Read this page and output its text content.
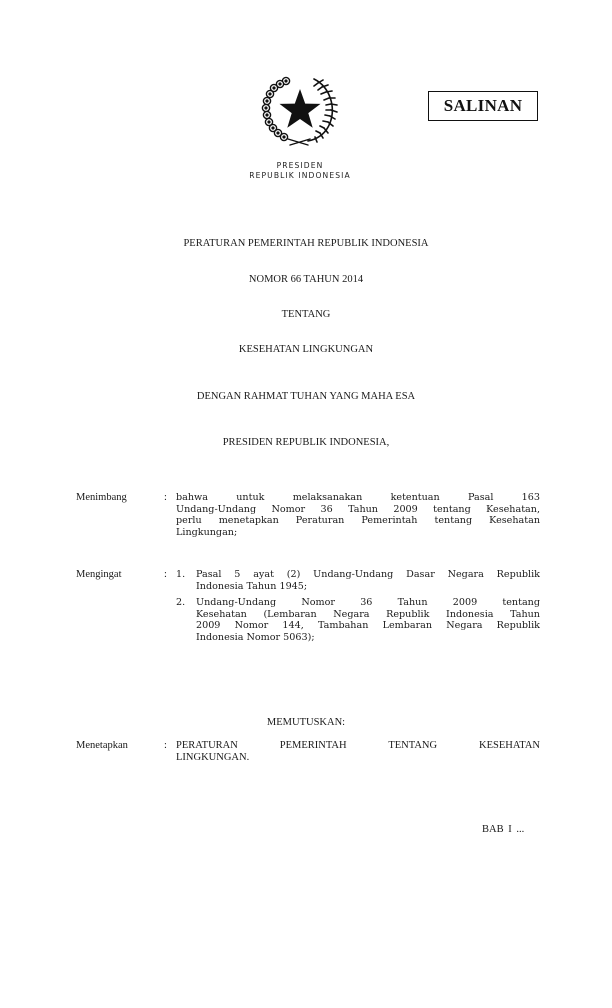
SALINAN
PRESIDEN
REPUBLIK INDONESIA
PERATURAN PEMERINTAH REPUBLIK INDONESIA
NOMOR 66 TAHUN 2014
TENTANG
KESEHATAN LINGKUNGAN
DENGAN RAHMAT TUHAN YANG MAHA ESA
PRESIDEN REPUBLIK INDONESIA,
Menimbang	: bahwa untuk melaksanakan ketentuan Pasal 163
Undang-Undang Nomor 36 Tahun 2009 tentang Kesehatan,
perlu menetapkan Peraturan Pemerintah tentang Kesehatan
Lingkungan;
Mengingat	: 1. Pasal 5 ayat (2) Undang-Undang Dasar Negara Republik
Indonesia Tahun 1945;
2. Undang-Undang Nomor 36 Tahun 2009 tentang
Kesehatan (Lembaran Negara Republik Indonesia Tahun
2009 Nomor 144, Tambahan Lembaran Negara Republik
Indonesia Nomor 5063);
MEMUTUSKAN:
Menetapkan	: PERATURAN PEMERINTAH TENTANG KESEHATAN
LINGKUNGAN.
BAB I ...
